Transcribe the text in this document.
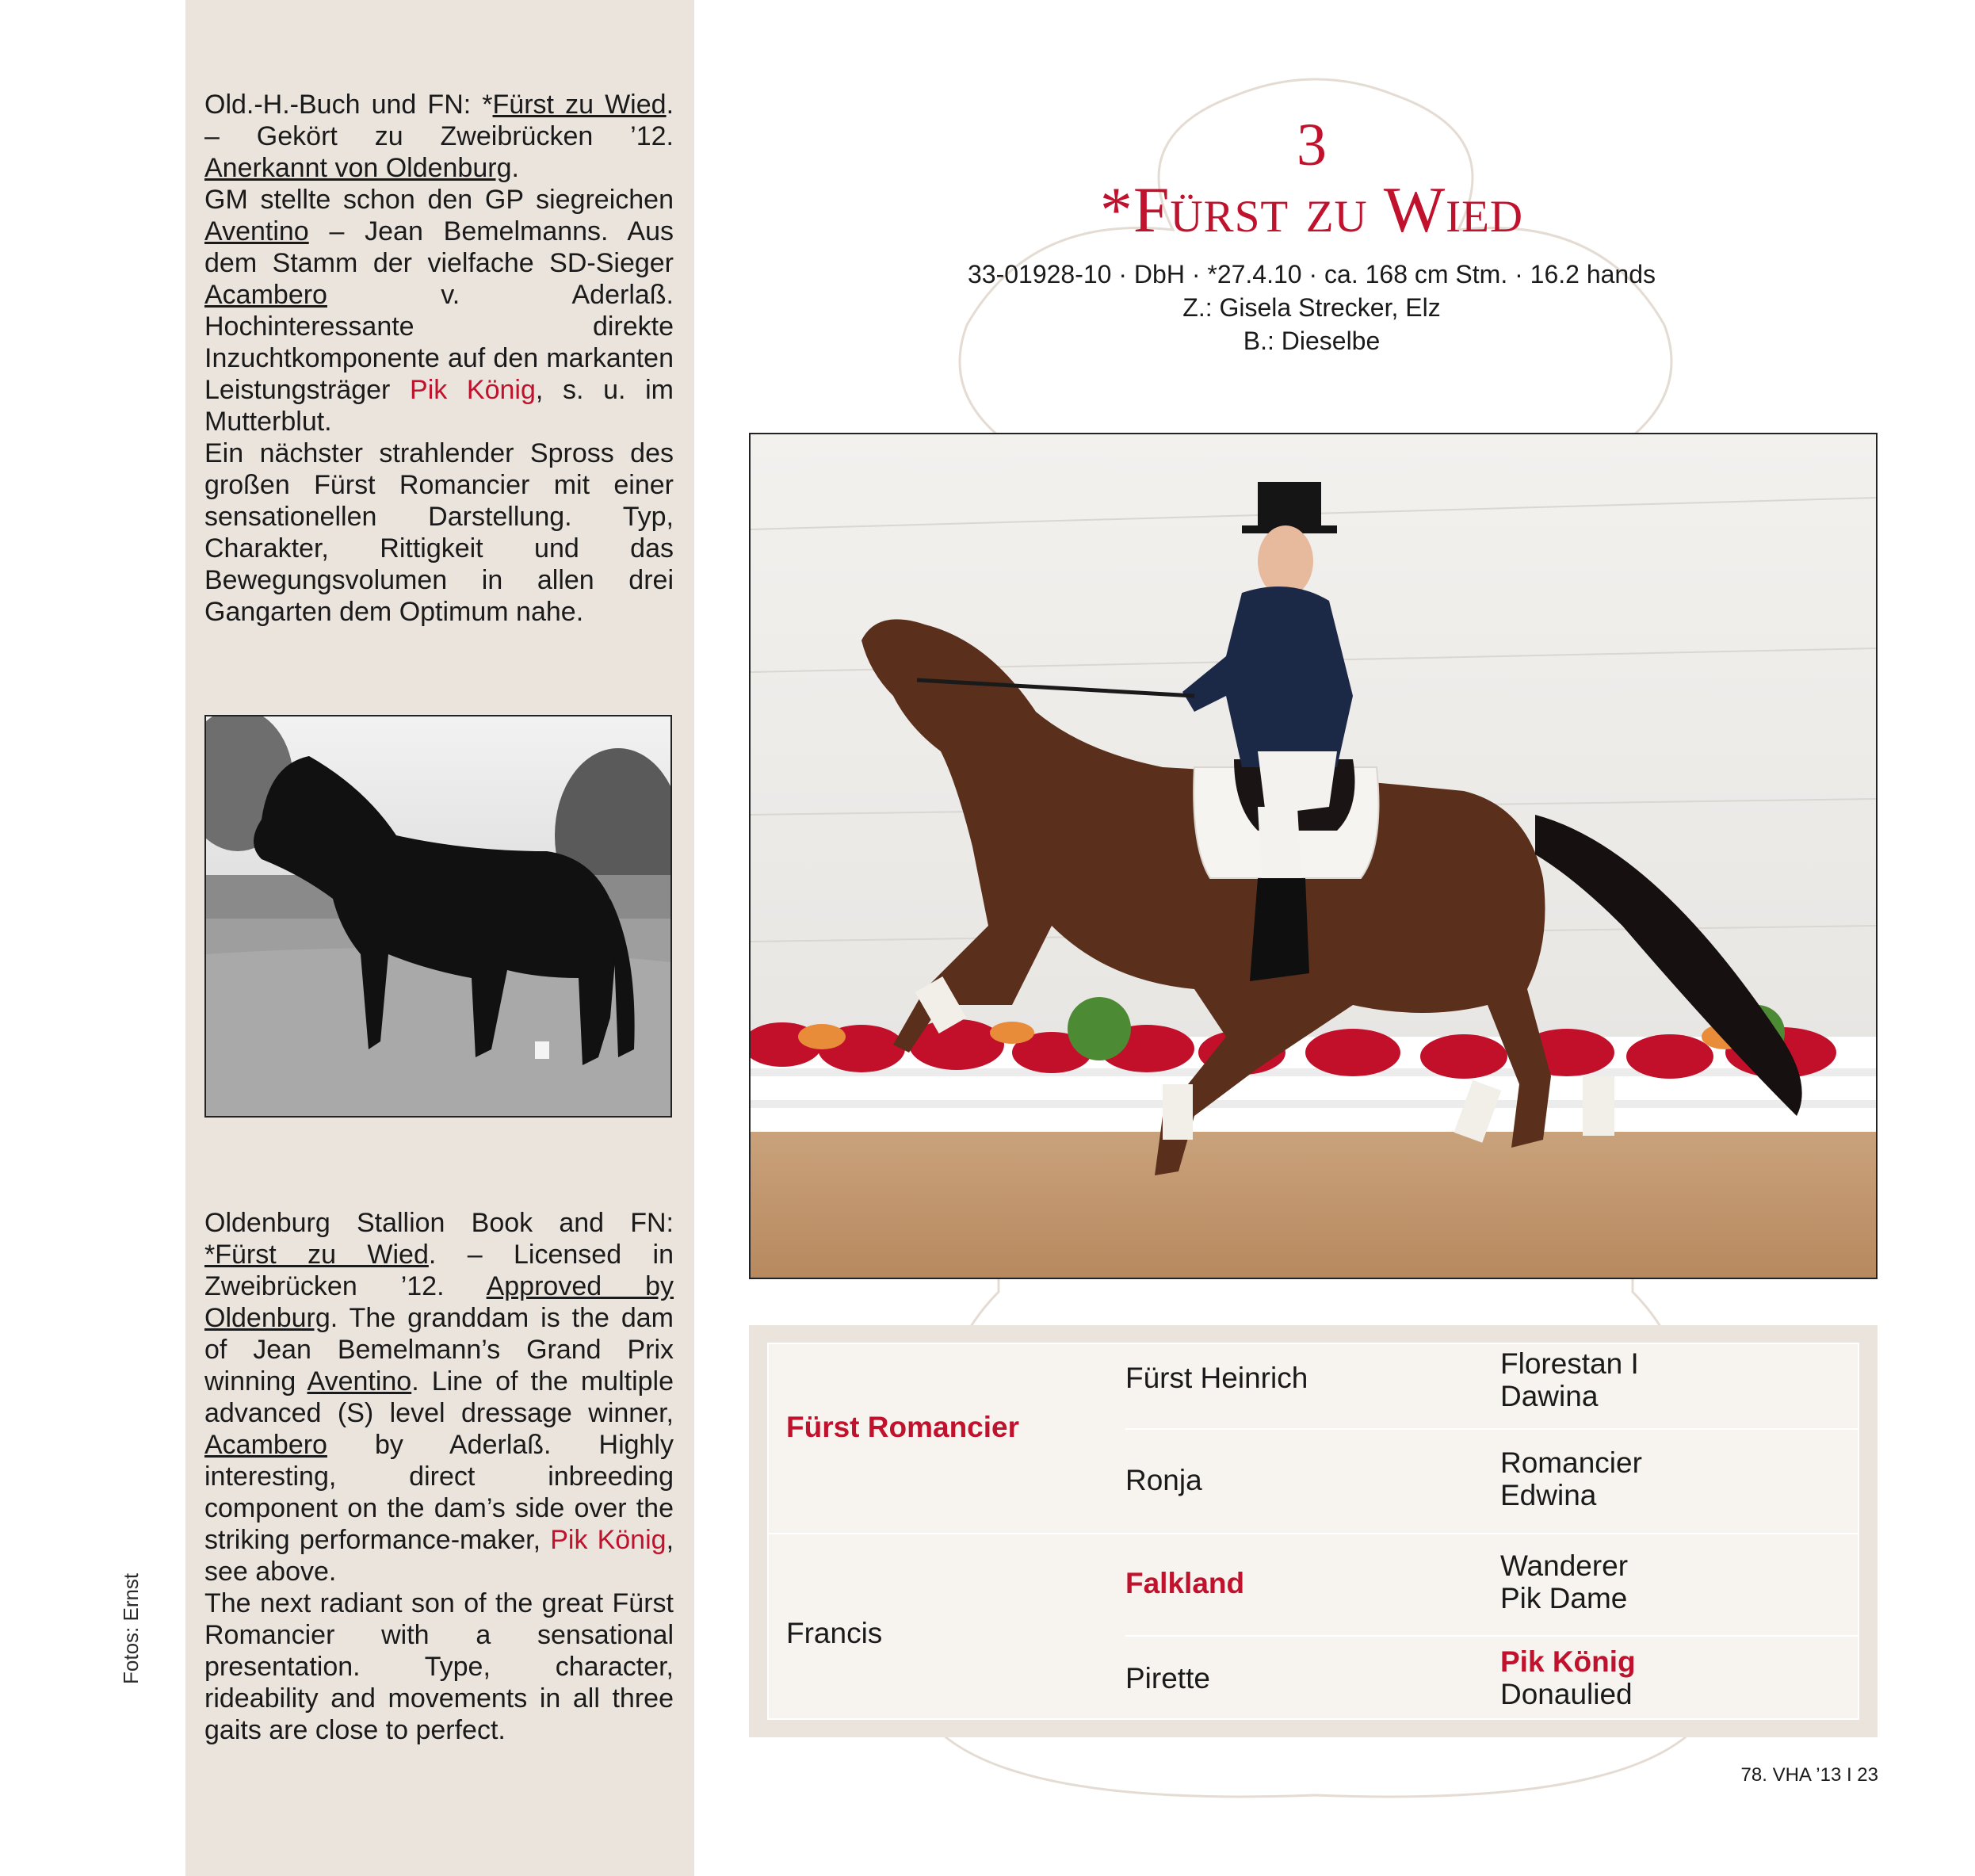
Fotos: Ernst
Old.-H.-Buch und FN: *Fürst zu Wied. – Gekört zu Zweibrücken ’12. Anerkannt von Oldenburg.
GM stellte schon den GP siegreichen Aventino – Jean Bemelmanns. Aus dem Stamm der vielfache SD-Sieger Acambero v. Aderlaß. Hochinteressante direkte Inzuchtkomponente auf den markanten Leistungsträger Pik König, s. u. im Mutterblut.
Ein nächster strahlender Spross des großen Fürst Romancier mit einer sensationellen Darstellung. Typ, Charakter, Rittigkeit und das Bewegungsvolumen in allen drei Gangarten dem Optimum nahe.
Oldenburg Stallion Book and FN: *Fürst zu Wied. – Licensed in Zweibrücken ’12. Approved by Oldenburg. The granddam is the dam of Jean Bemelmann’s Grand Prix winning Aventino. Line of the multiple advanced (S) level dressage winner, Acambero by Aderlaß. Highly interesting, direct inbreeding component on the dam’s side over the striking performance-maker, Pik König, see above.
The next radiant son of the great Fürst Romancier with a sensational presentation. Type, character, rideability and movements in all three gaits are close to perfect.
3
*Fürst zu Wied
33-01928-10 · DbH · *27.4.10 · ca. 168 cm Stm. · 16.2 hands
Z.: Gisela Strecker, Elz
B.: Dieselbe
Fürst Romancier
Fürst Heinrich	Florestan I
Dawina
Ronja
Romancier
Edwina
Francis
Falkland
Wanderer
Pik Dame
Pirette
Pik König
Donaulied
78. VHA ’13 I 23
